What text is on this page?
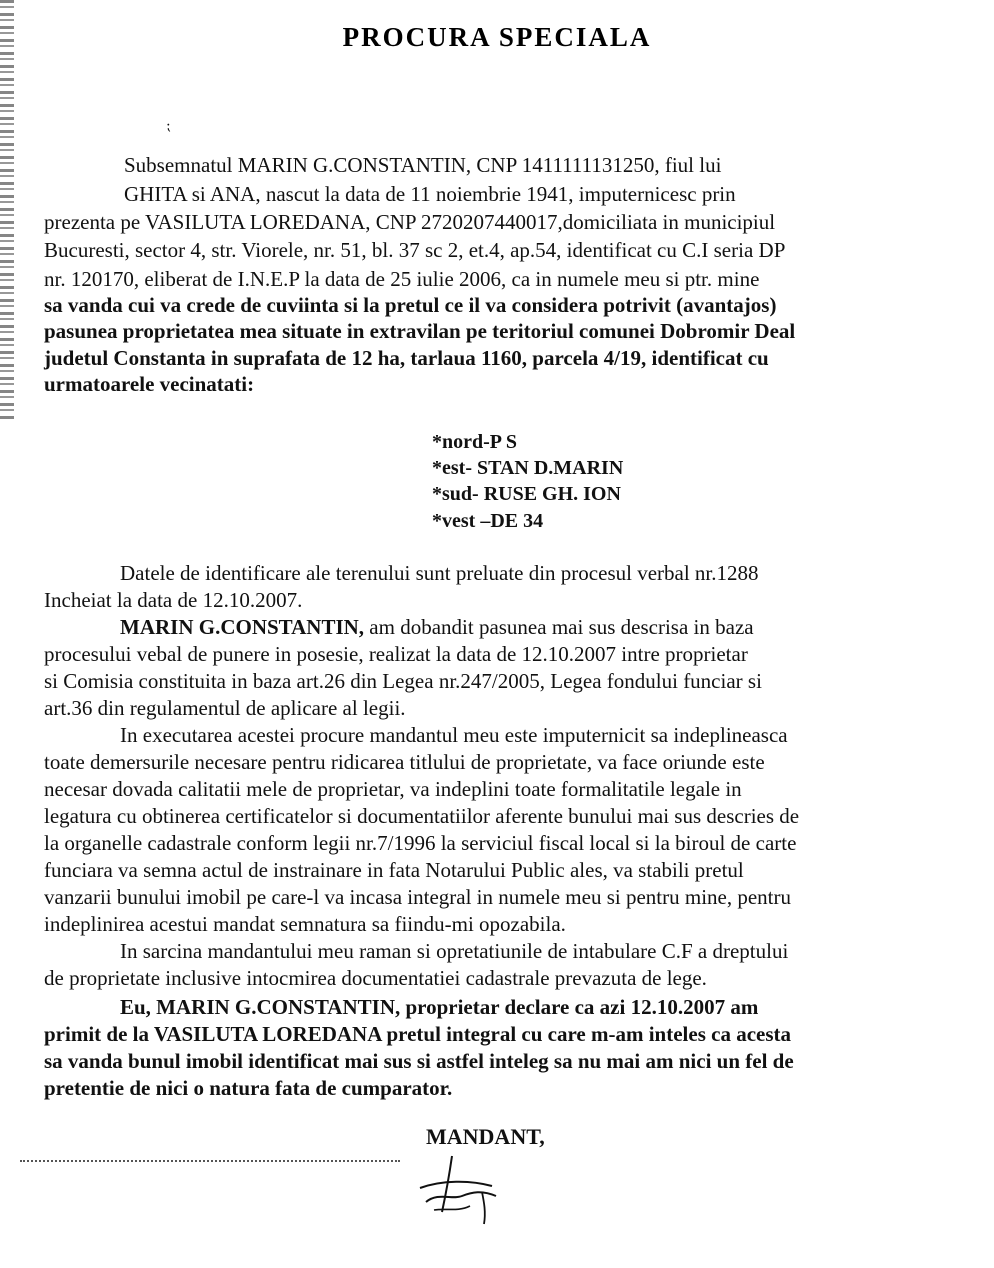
PROCURA SPECIALA
⁏
Subsemnatul MARIN G.CONSTANTIN, CNP 1411111131250, fiul lui
GHITA si ANA, nascut la data de 11 noiembrie 1941, imputernicesc prin
prezenta pe VASILUTA LOREDANA, CNP 2720207440017,domiciliata in municipiul
Bucuresti, sector 4, str. Viorele, nr. 51, bl. 37 sc 2, et.4, ap.54, identificat cu C.I seria DP
nr. 120170, eliberat de I.N.E.P la data de 25 iulie 2006, ca in numele meu si ptr. mine
sa vanda cui va crede de cuviinta si la pretul ce il va considera potrivit (avantajos)
pasunea proprietatea mea situate in extravilan pe teritoriul comunei Dobromir Deal
judetul Constanta in suprafata de 12 ha, tarlaua 1160, parcela 4/19, identificat cu
urmatoarele vecinatati:
*nord-P S
*est- STAN D.MARIN
*sud- RUSE GH. ION
*vest –DE 34
Datele de identificare ale terenului sunt preluate din procesul verbal nr.1288
Incheiat la data de 12.10.2007.
MARIN G.CONSTANTIN, am dobandit pasunea mai sus descrisa in baza
procesului vebal de punere in posesie, realizat la data de 12.10.2007 intre proprietar
si Comisia constituita in baza art.26 din Legea nr.247/2005, Legea fondului funciar si
art.36 din regulamentul de aplicare al legii.
In executarea acestei procure mandantul meu este imputernicit sa indeplineasca
toate demersurile necesare pentru ridicarea titlului de proprietate, va face oriunde este
necesar dovada calitatii mele de proprietar, va indeplini toate formalitatile legale in
legatura cu obtinerea certificatelor si documentatiilor aferente bunului mai sus descries de
la organelle cadastrale conform legii nr.7/1996 la serviciul fiscal local si la biroul de carte
funciara va semna actul de instrainare in fata Notarului Public ales, va stabili pretul
vanzarii bunului imobil pe care-l va incasa integral in numele meu si pentru mine, pentru
indeplinirea acestui mandat semnatura sa fiindu-mi opozabila.
In sarcina mandantului meu raman si opretatiunile de intabulare C.F a dreptului
de proprietate inclusive intocmirea documentatiei cadastrale prevazuta de lege.
Eu, MARIN G.CONSTANTIN, proprietar declare ca azi 12.10.2007 am
primit de la VASILUTA LOREDANA pretul integral cu care m-am inteles ca acesta
sa vanda bunul imobil identificat mai sus si astfel inteleg sa nu mai am nici un fel de
pretentie de nici o natura fata de cumparator.
MANDANT,
